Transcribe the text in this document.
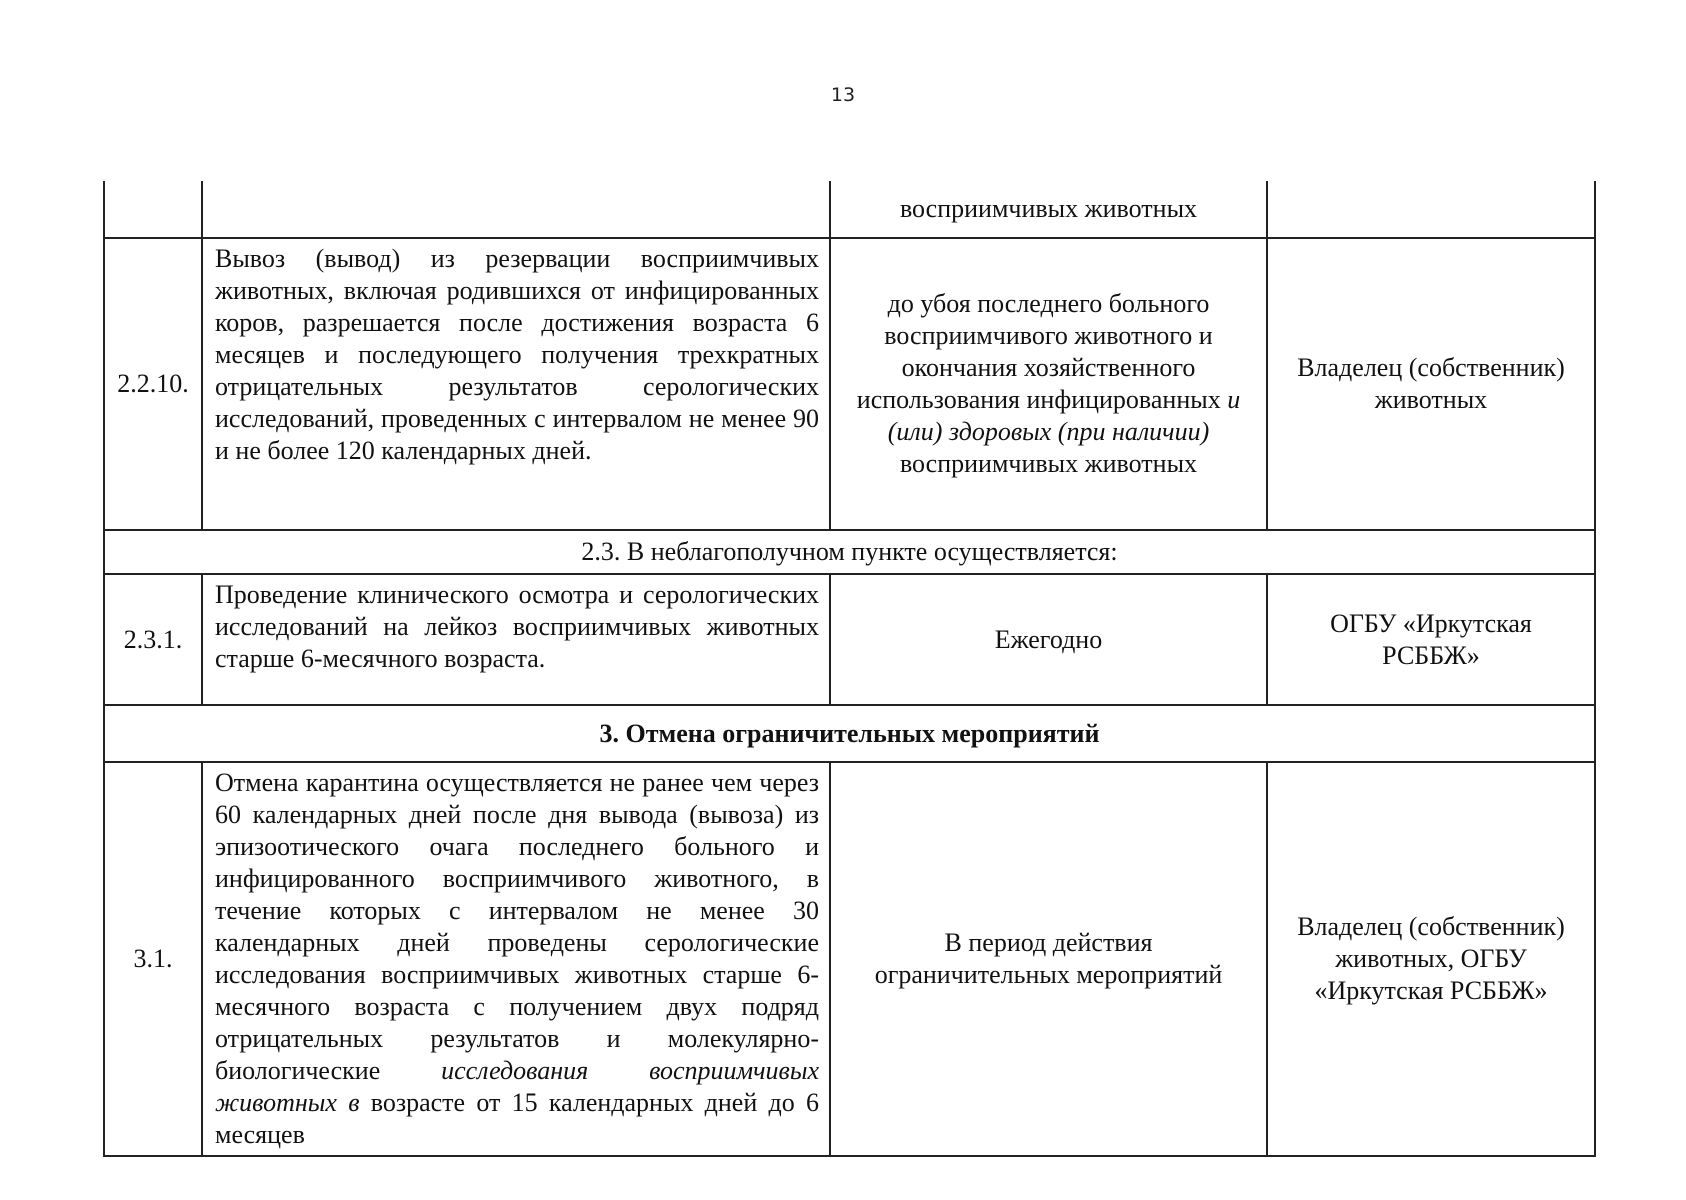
13
		восприимчивых животных	
2.2.10.	Вывоз (вывод) из резервации восприимчивых животных, включая родившихся от инфицированных коров, разрешается после достижения возраста 6 месяцев и последующего получения трехкратных отрицательных результатов серологических исследований, проведенных с интервалом не менее 90 и не более 120 календарных дней.	до убоя последнего больного восприимчивого животного и окончания хозяйственного использования инфицированных и (или) здоровых (при наличии) восприимчивых животных	Владелец (собственник) животных
2.3. В неблагополучном пункте осуществляется:			
2.3.1.	Проведение клинического осмотра и серологических исследований на лейкоз восприимчивых животных старше 6-месячного возраста.	Ежегодно	ОГБУ «Иркутская РСББЖ»
3. Отмена ограничительных мероприятий			
3.1.	Отмена карантина осуществляется не ранее чем через 60 календарных дней после дня вывода (вывоза) из эпизоотического очага последнего больного и инфицированного восприимчивого животного, в течение которых с интервалом не менее 30 календарных дней проведены серологические исследования восприимчивых животных старше 6-месячного возраста с получением двух подряд отрицательных результатов и молекулярно-биологические исследования восприимчивых животных в возрасте от 15 календарных дней до 6 месяцев	В период действия ограничительных мероприятий	Владелец (собственник) животных, ОГБУ «Иркутская РСББЖ»
